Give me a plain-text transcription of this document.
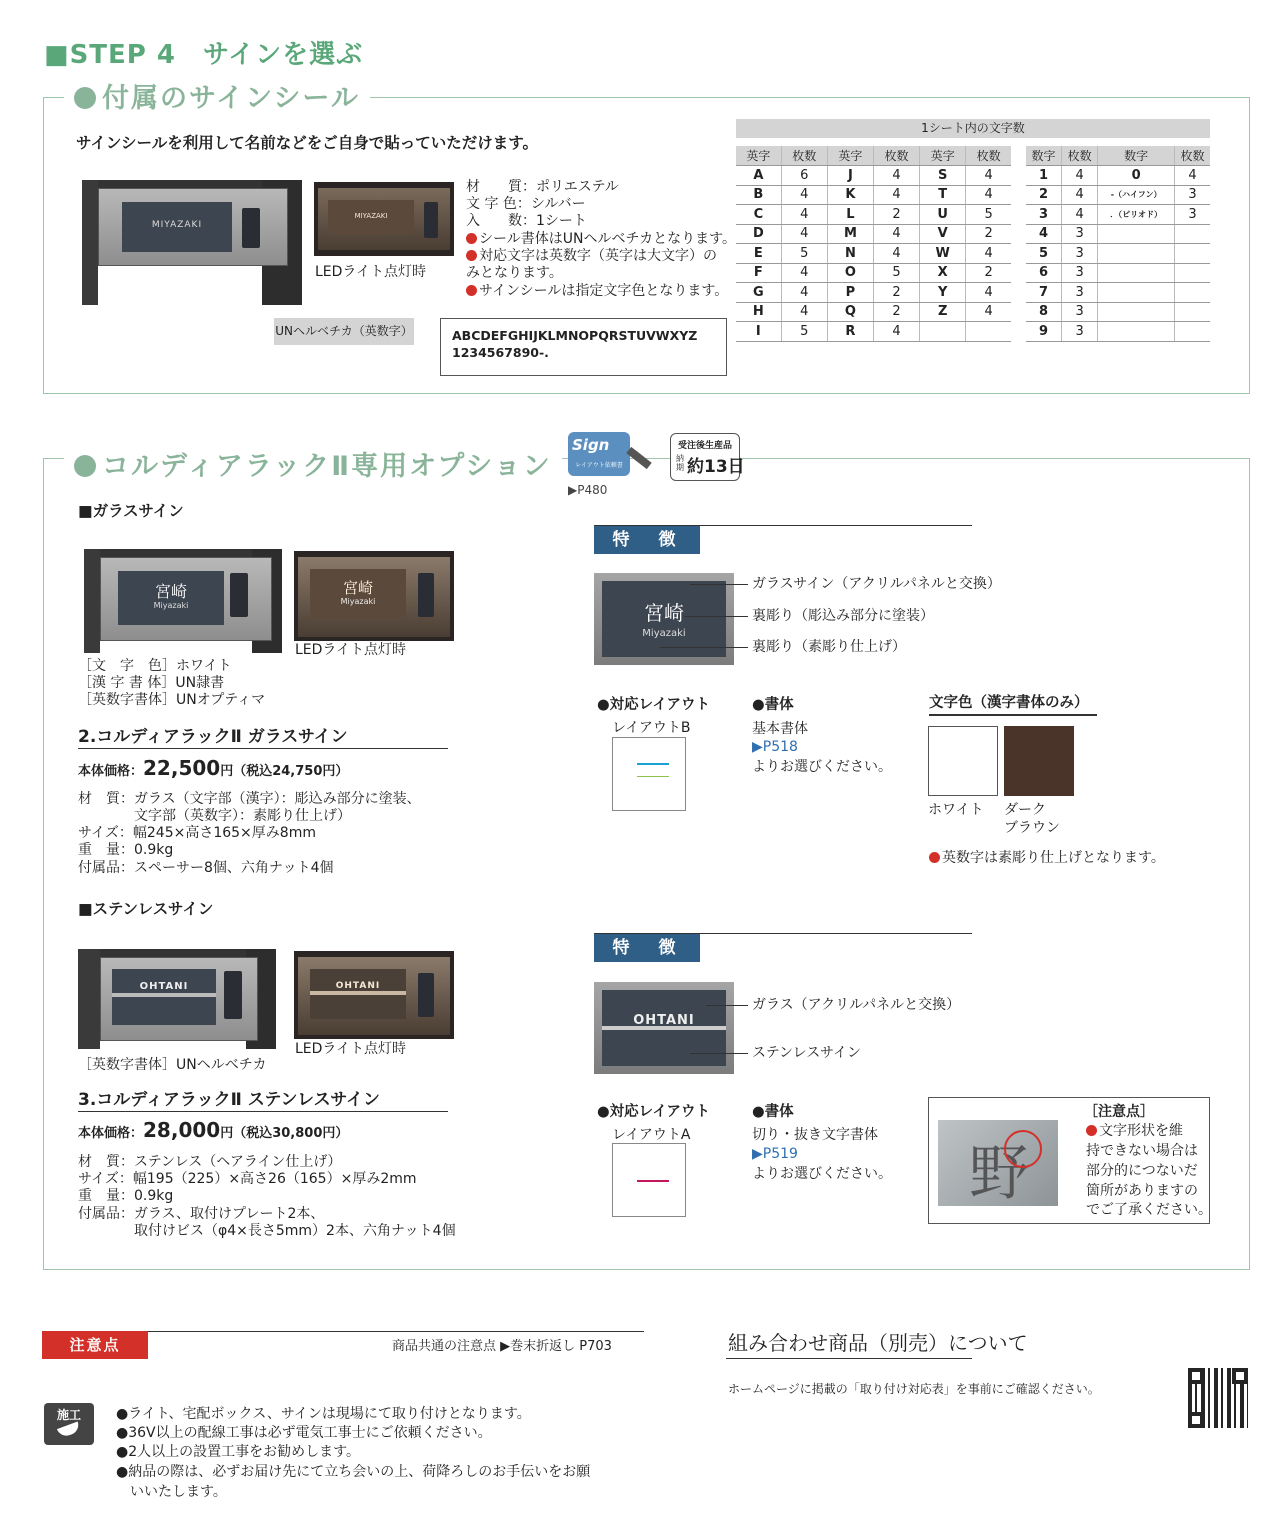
■STEP 4　サインを選ぶ
付属のサインシール
サインシールを利用して名前などをご自身で貼っていただけます。
MIYAZAKI
MIYAZAKI
LEDライト点灯時
材　　質：ポリエステル
文 字 色：シルバー
入　　数：1シート
シール書体はUNヘルベチカとなります。
対応文字は英数字（英字は大文字）の
みとなります。
サインシールは指定文字色となります。
UNヘルベチカ（英数字）	ABCDEFGHIJKLMNOPQRSTUVWXYZ
1234567890-.
1シート内の文字数
英字	枚数	英字	枚数	英字	枚数
A	6	J	4	S	4
B	4	K	4	T	4
C	4	L	2	U	5
D	4	M	4	V	2
E	5	N	4	W	4
F	4	O	5	X	2
G	4	P	2	Y	4
H	4	Q	2	Z	4
I	5	R	4		
数字	枚数	数字	枚数
1	4	0	4
2	4	-（ハイフン）	3
3	4	．（ピリオド）	3
4	3		
5	3		
6	3		
7	3		
8	3		
9	3		
コルディアラックⅡ専用オプション
Sign
レイアウト依頼書
▶P480
受注後生産品
納期 約13日
■ガラスサイン
宮崎
Miyazaki
宮崎
Miyazaki
LEDライト点灯時
［文　字　色］ホワイト
［漢 字 書 体］UN隷書
［英数字書体］UNオプティマ
2.コルディアラックⅡ ガラスサイン
本体価格：22,500円（税込24,750円）
材　質：ガラス（文字部（漢字）：彫込み部分に塗装、
　　　　文字部（英数字）：素彫り仕上げ）
サイズ：幅245×高さ165×厚み8mm
重　量：0.9kg
付属品：スペーサー8個、六角ナット4個
特　徴
宮崎
Miyazaki
ガラスサイン（アクリルパネルと交換）
裏彫り（彫込み部分に塗装）
裏彫り（素彫り仕上げ）
●対応レイアウト
レイアウトB
●書体
基本書体
▶P518
よりお選びください。
文字色（漢字書体のみ）
ホワイト ダーク
ブラウン
英数字は素彫り仕上げとなります。
■ステンレスサイン
OHTANI	OHTANI
［英数字書体］UNヘルベチカ
LEDライト点灯時
3.コルディアラックⅡ ステンレスサイン
本体価格：28,000円（税込30,800円）
材　質：ステンレス（ヘアライン仕上げ）
サイズ：幅195（225）×高さ26（165）×厚み2mm
重　量：0.9kg
付属品：ガラス、取付けプレート2本、
　　　　取付けビス（φ4×長さ5mm）2本、六角ナット4個
特　徴
OHTANI
ガラス（アクリルパネルと交換）
ステンレスサイン
●対応レイアウト
レイアウトA
●書体
切り・抜き文字書体
▶P519
よりお選びください。 野
［注意点］
文字形状を維
持できない場合は
部分的につないだ
箇所がありますの
でご了承ください。
注意点	商品共通の注意点 ▶巻末折返し P703
施工	●ライト、宅配ボックス、サインは現場にて取り付けとなります。
●36V以上の配線工事は必ず電気工事士にご依頼ください。
●2人以上の設置工事をお勧めします。
●納品の際は、必ずお届け先にて立ち会いの上、荷降ろしのお手伝いをお願
いいたします。
組み合わせ商品（別売）について
ホームページに掲載の「取り付け対応表」を事前にご確認ください。
